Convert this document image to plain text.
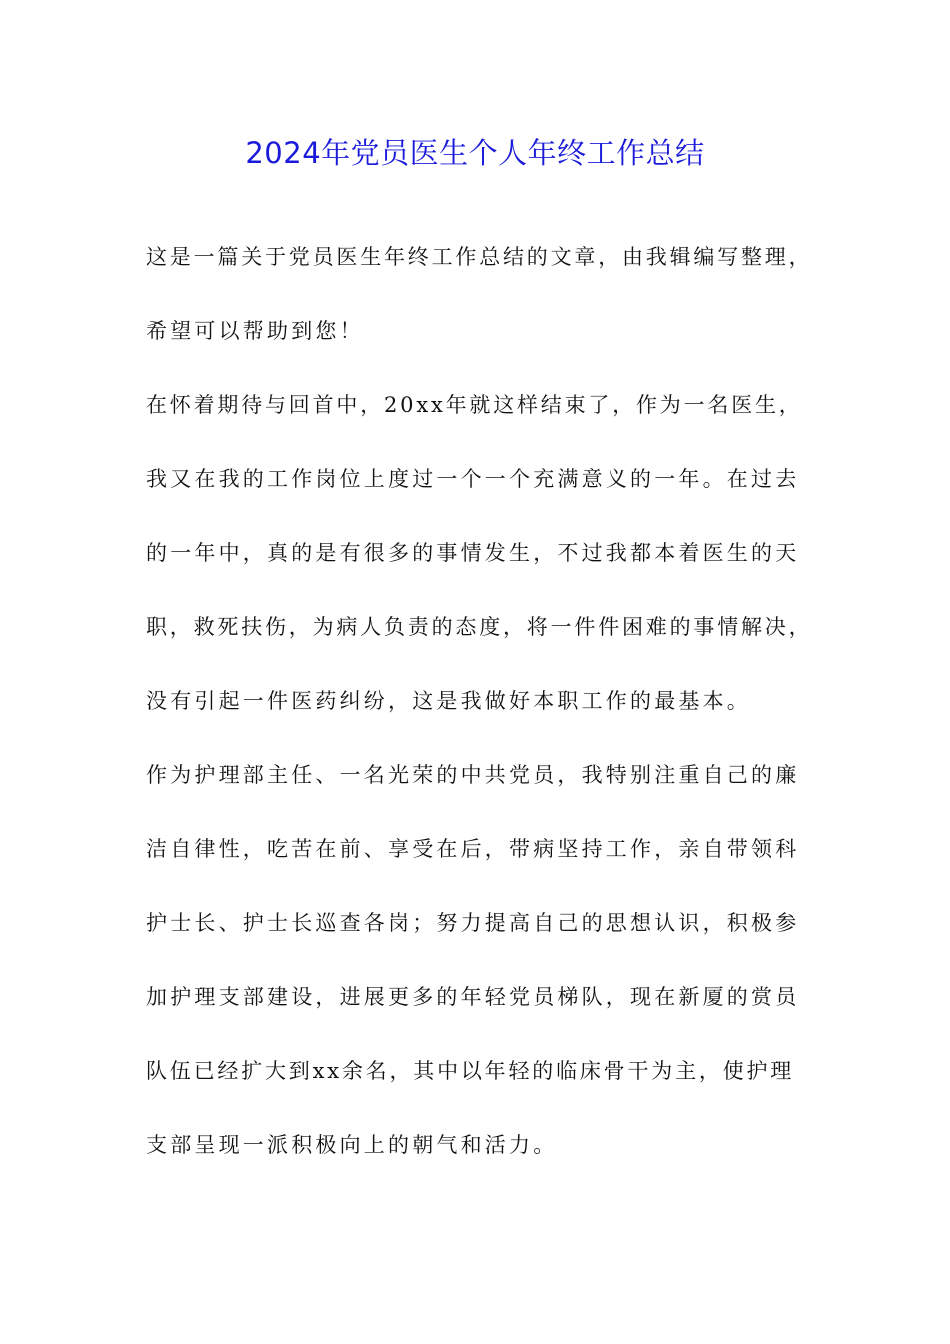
2024年党员医生个人年终工作总结

这是一篇关于党员医生年终工作总结的文章，由我辑编写整理，

希望可以帮助到您！

在怀着期待与回首中，20xx年就这样结束了，作为一名医生，

我又在我的工作岗位上度过一个一个充满意义的一年。在过去

的一年中，真的是有很多的事情发生，不过我都本着医生的天

职，救死扶伤，为病人负责的态度，将一件件困难的事情解决，

没有引起一件医药纠纷，这是我做好本职工作的最基本。

作为护理部主任、一名光荣的中共党员，我特别注重自己的廉

洁自律性，吃苦在前、享受在后，带病坚持工作，亲自带领科

护士长、护士长巡查各岗；努力提高自己的思想认识，积极参

加护理支部建设，进展更多的年轻党员梯队，现在新厦的赏员

队伍已经扩大到xx余名，其中以年轻的临床骨干为主，使护理

支部呈现一派积极向上的朝气和活力。
